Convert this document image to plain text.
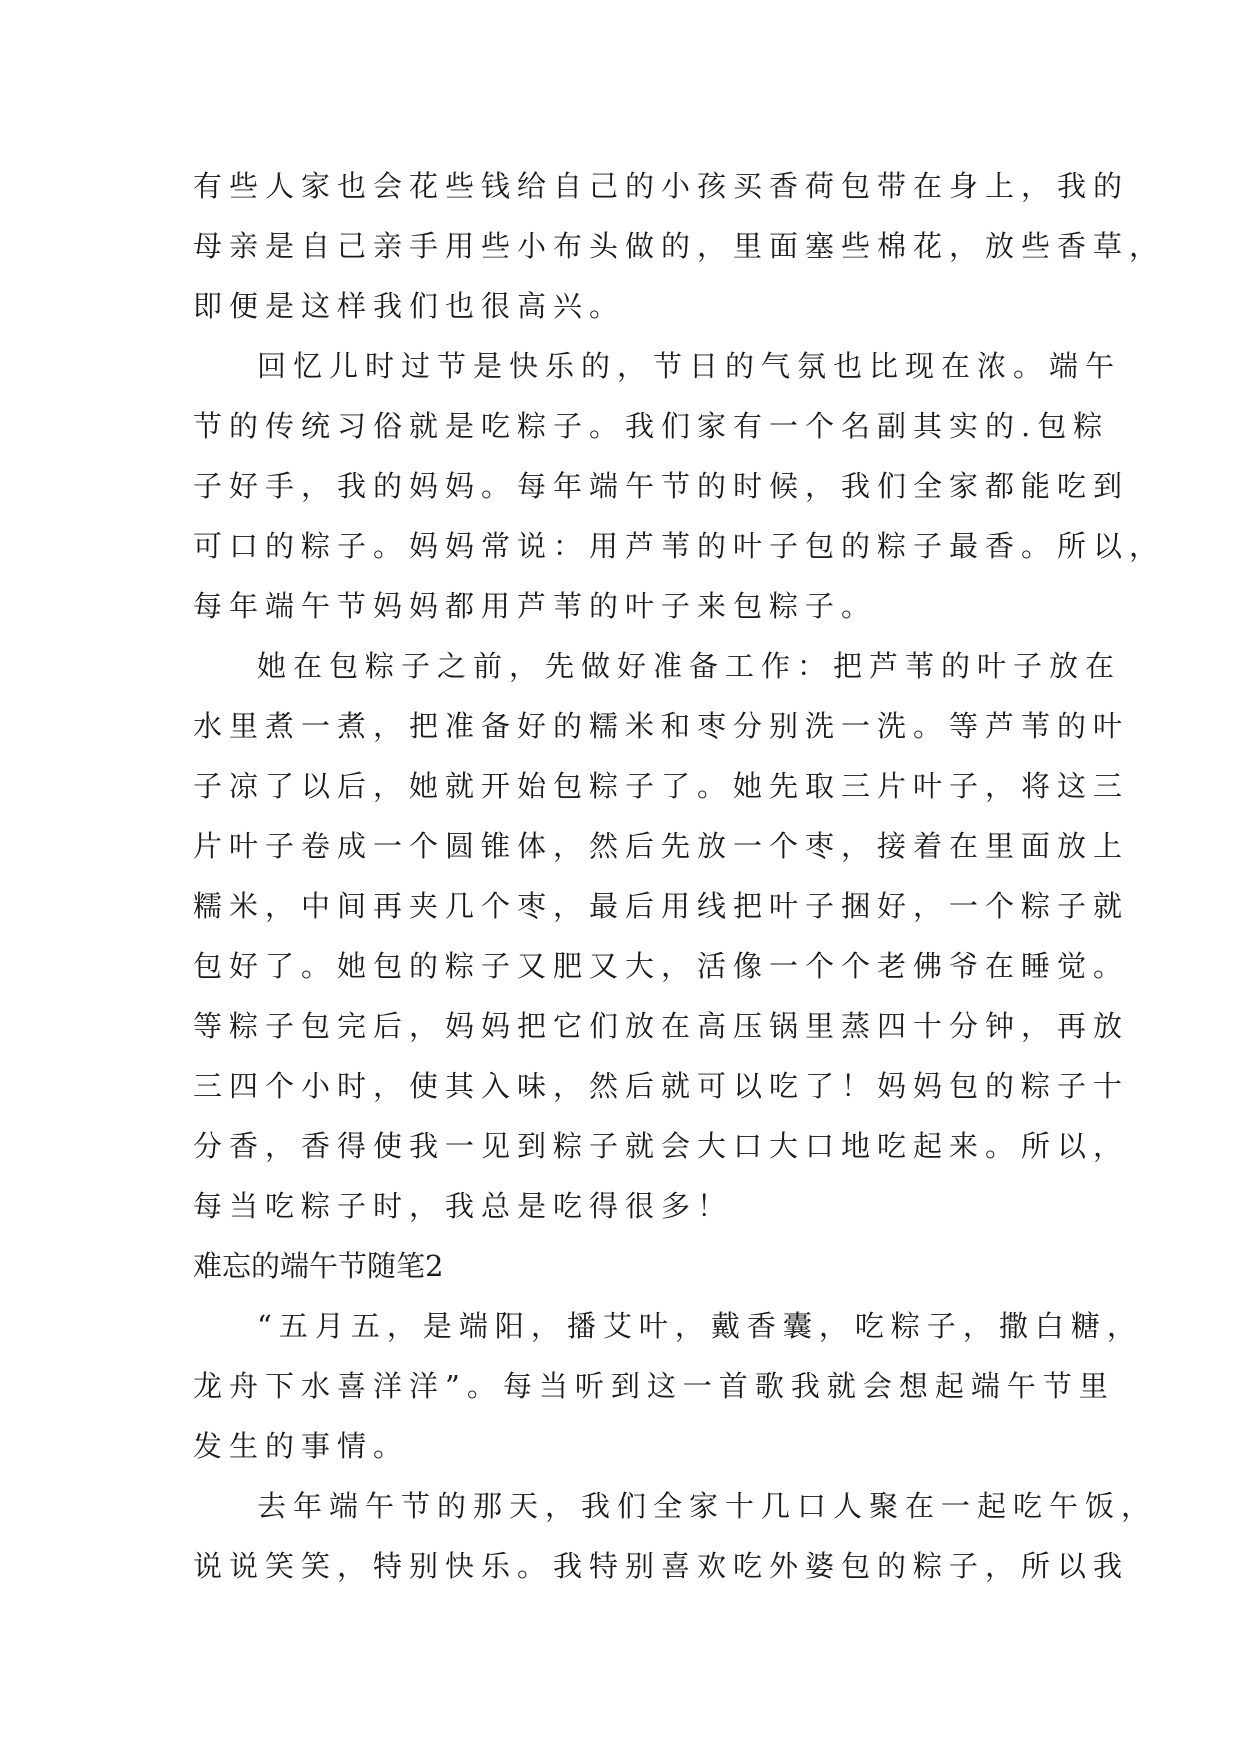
有些人家也会花些钱给自己的小孩买香荷包带在身上，我的
母亲是自己亲手用些小布头做的，里面塞些棉花，放些香草，
即便是这样我们也很高兴。
回忆儿时过节是快乐的，节日的气氛也比现在浓。端午
节的传统习俗就是吃粽子。我们家有一个名副其实的.包粽
子好手，我的妈妈。每年端午节的时候，我们全家都能吃到
可口的粽子。妈妈常说：用芦苇的叶子包的粽子最香。所以，
每年端午节妈妈都用芦苇的叶子来包粽子。
她在包粽子之前，先做好准备工作：把芦苇的叶子放在
水里煮一煮，把准备好的糯米和枣分别洗一洗。等芦苇的叶
子凉了以后，她就开始包粽子了。她先取三片叶子，将这三
片叶子卷成一个圆锥体，然后先放一个枣，接着在里面放上
糯米，中间再夹几个枣，最后用线把叶子捆好，一个粽子就
包好了。她包的粽子又肥又大，活像一个个老佛爷在睡觉。
等粽子包完后，妈妈把它们放在高压锅里蒸四十分钟，再放
三四个小时，使其入味，然后就可以吃了！妈妈包的粽子十
分香，香得使我一见到粽子就会大口大口地吃起来。所以，
每当吃粽子时，我总是吃得很多！
难忘的端午节随笔2
“五月五，是端阳，播艾叶，戴香囊，吃粽子，撒白糖，
龙舟下水喜洋洋”。每当听到这一首歌我就会想起端午节里
发生的事情。
去年端午节的那天，我们全家十几口人聚在一起吃午饭，
说说笑笑，特别快乐。我特别喜欢吃外婆包的粽子，所以我
